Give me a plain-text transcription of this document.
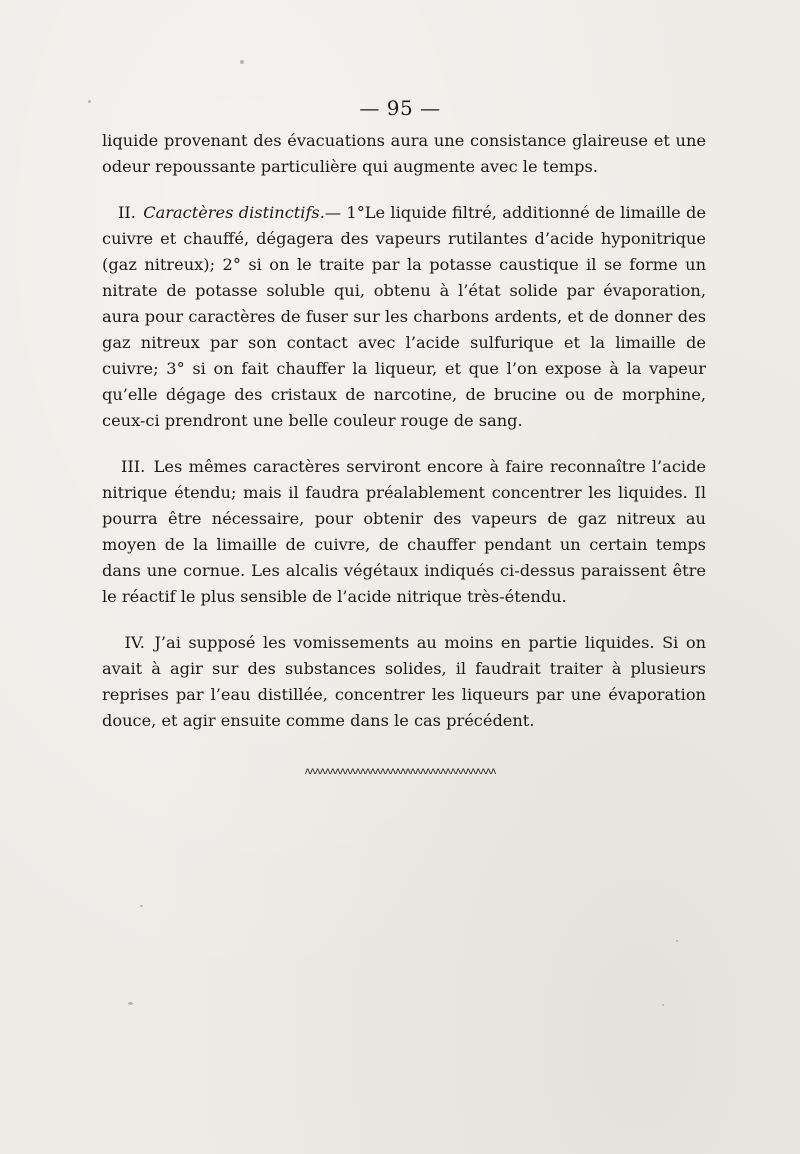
— 95 —

liquide provenant des évacuations aura une consistance glaireuse et une odeur repoussante particulière qui augmente avec le temps.

II. Caractères distinctifs.— 1°Le liquide filtré, additionné de limaille de cuivre et chauffé, dégagera des vapeurs rutilantes d’acide hyponitrique (gaz nitreux); 2° si on le traite par la potasse caustique il se forme un nitrate de potasse soluble qui, obtenu à l’état solide par évaporation, aura pour caractères de fuser sur les charbons ardents, et de donner des gaz nitreux par son contact avec l’acide sulfurique et la limaille de cuivre; 3° si on fait chauffer la liqueur, et que l’on expose à la vapeur qu’elle dégage des cristaux de narcotine, de brucine ou de morphine, ceux-ci prendront une belle couleur rouge de sang.

III. Les mêmes caractères serviront encore à faire reconnaître l’acide nitrique étendu; mais il faudra préalablement concentrer les liquides. Il pourra être nécessaire, pour obtenir des vapeurs de gaz nitreux au moyen de la limaille de cuivre, de chauffer pendant un certain temps dans une cornue. Les alcalis végétaux indiqués ci-dessus paraissent être le réactif le plus sensible de l’acide nitrique très-étendu.

IV. J’ai supposé les vomissements au moins en partie liquides. Si on avait à agir sur des substances solides, il faudrait traiter à plusieurs reprises par l’eau distillée, concentrer les liqueurs par une évaporation douce, et agir ensuite comme dans le cas précédent.

ʌʌʌʌʌʌʌʌʌʌʌʌʌʌʌʌʌʌʌʌʌʌʌʌʌʌʌʌʌʌʌʌʌʌʌʌʌʌ
